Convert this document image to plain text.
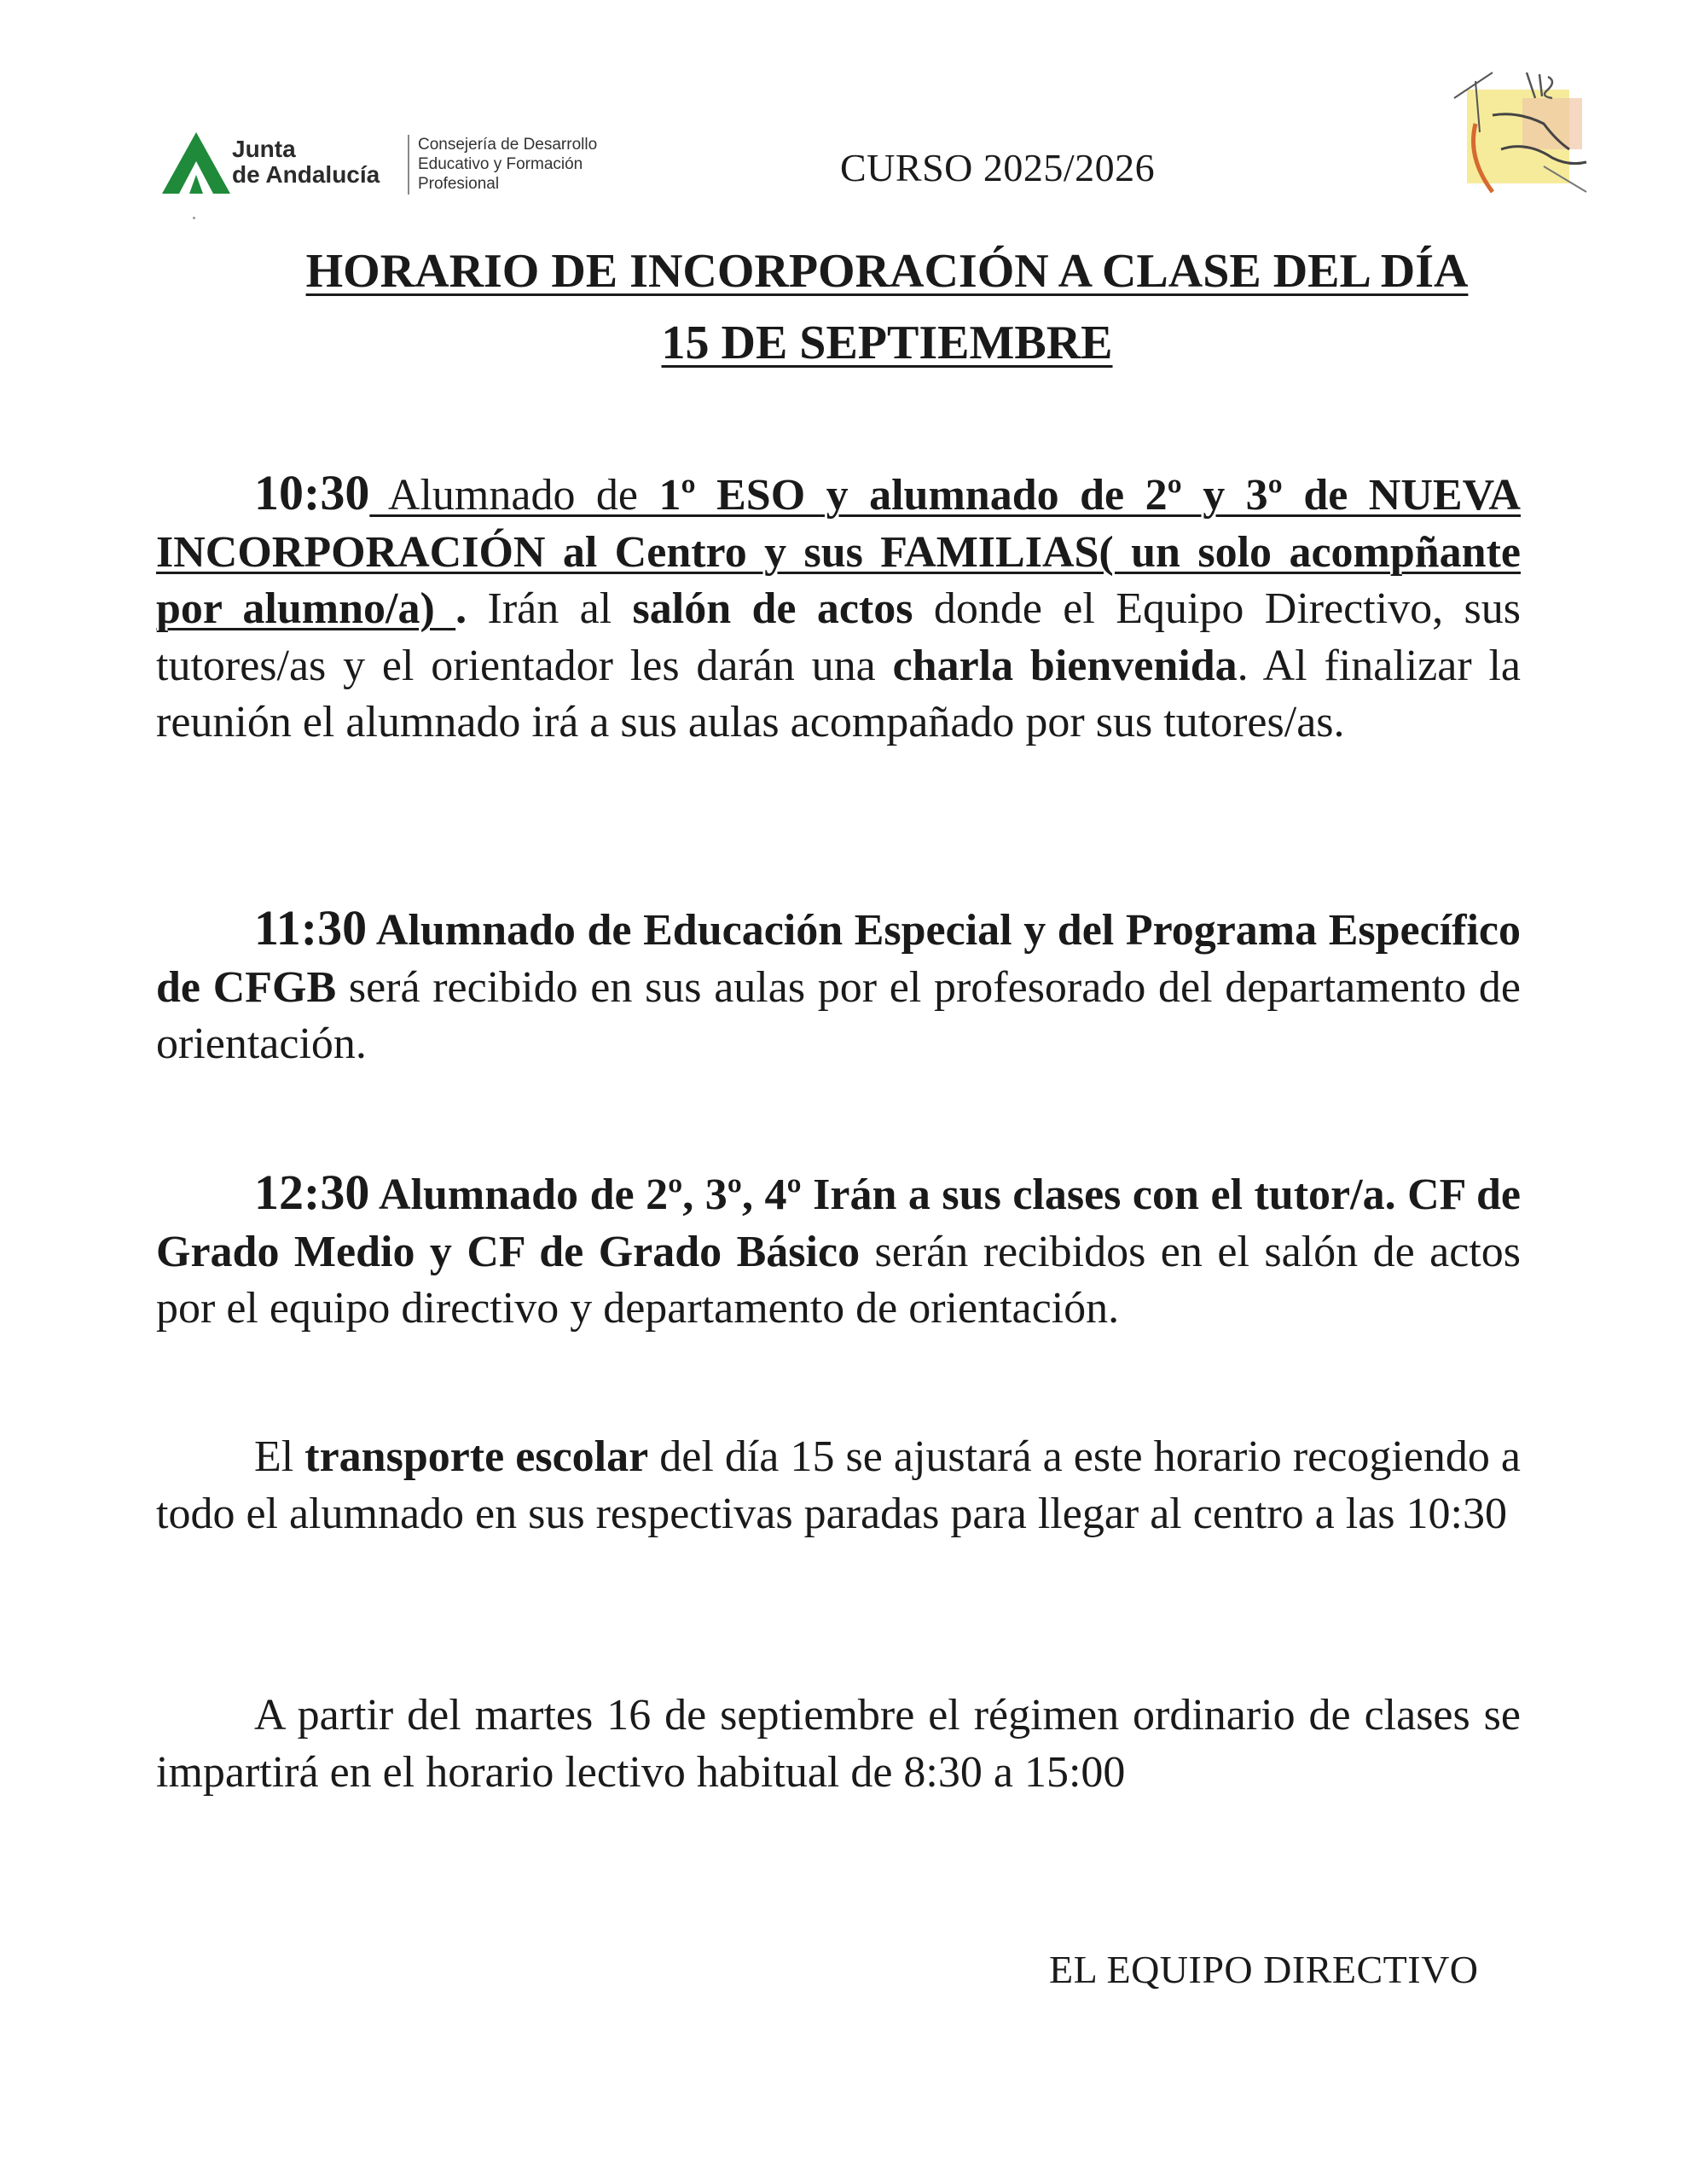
Junta
de Andalucía
Consejería de Desarrollo
Educativo y Formación
Profesional	CURSO 2025/2026
HORARIO DE INCORPORACIÓN A CLASE DEL DÍA
15 DE SEPTIEMBRE

10:30 Alumnado de 1º ESO y alumnado de 2º y 3º de NUEVA INCORPORACIÓN al Centro y sus FAMILIAS( un solo acompñante por alumno/a) . Irán al salón de actos donde el Equipo Directivo, sus tutores/as y el orientador les darán una charla bienvenida. Al finalizar la reunión el alumnado irá a sus aulas acompañado por sus tutores/as.

11:30 Alumnado de Educación Especial y del Programa Específico de CFGB será recibido en sus aulas por el profesorado del departamento de orientación.

12:30 Alumnado de 2º, 3º, 4º Irán a sus clases con el tutor/a. CF de Grado Medio y CF de Grado Básico serán recibidos en el salón de actos por el equipo directivo y departamento de orientación.

El transporte escolar del día 15 se ajustará a este horario recogiendo a todo el alumnado en sus respectivas paradas para llegar al centro a las 10:30

A partir del martes 16 de septiembre el régimen ordinario de clases se impartirá en el horario lectivo habitual de 8:30 a 15:00

EL EQUIPO DIRECTIVO
